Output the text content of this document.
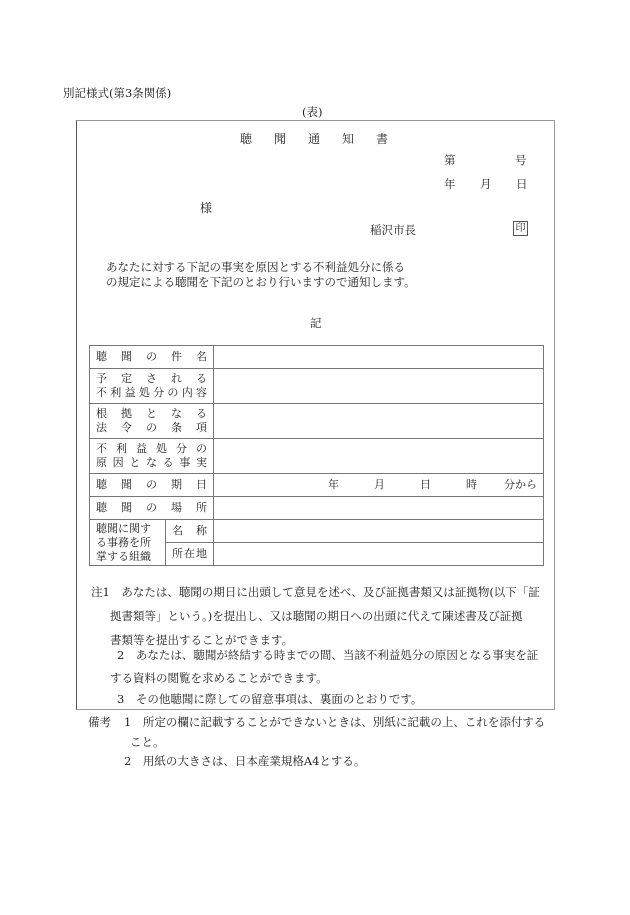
別記様式(第3条関係)
(表)
聴 聞 通 知 書
第	号
年 月 日
様
稲沢市長	印
あなたに対する下記の事実を原因とする不利益処分に係る
の規定による聴聞を下記のとおり行いますので通知します。
記
聴聞の件名		

予定される
不利益処分の内容		

根拠となる
法令の条項		

不利益処分の
原因となる事実		

聴聞の期日		年 月 日 時 分から

聴聞の場所		

聴聞に関す
る事務を所
掌する組織	名　称	
	所在地	
注1　あなたは、聴聞の期日に出頭して意見を述べ、及び証拠書類又は証拠物(以下「証
拠書類等」という。)を提出し、又は聴聞の期日への出頭に代えて陳述書及び証拠
書類等を提出することができます。
2　あなたは、聴聞が終結する時までの間、当該不利益処分の原因となる事実を証
する資料の閲覧を求めることができます。
3　その他聴聞に際しての留意事項は、裏面のとおりです。
備考 1　所定の欄に記載することができないときは、別紙に記載の上、これを添付する
こと。
2　用紙の大きさは、日本産業規格A4とする。
